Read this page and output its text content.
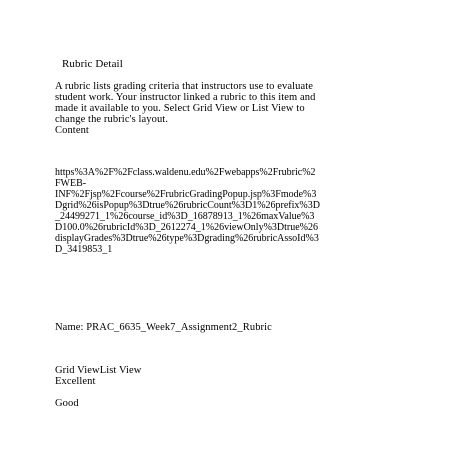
Rubric Detail
A rubric lists grading criteria that instructors use to evaluate
student work. Your instructor linked a rubric to this item and
made it available to you. Select Grid View or List View to
change the rubric's layout.
Content
https%3A%2F%2Fclass.waldenu.edu%2Fwebapps%2Frubric%2
FWEB-
INF%2Fjsp%2Fcourse%2FrubricGradingPopup.jsp%3Fmode%3
Dgrid%26isPopup%3Dtrue%26rubricCount%3D1%26prefix%3D
_24499271_1%26course_id%3D_16878913_1%26maxValue%3
D100.0%26rubricId%3D_2612274_1%26viewOnly%3Dtrue%26
displayGrades%3Dtrue%26type%3Dgrading%26rubricAssoId%3
D_3419853_1
Name: PRAC_6635_Week7_Assignment2_Rubric
Grid ViewList View
Excellent
Good
